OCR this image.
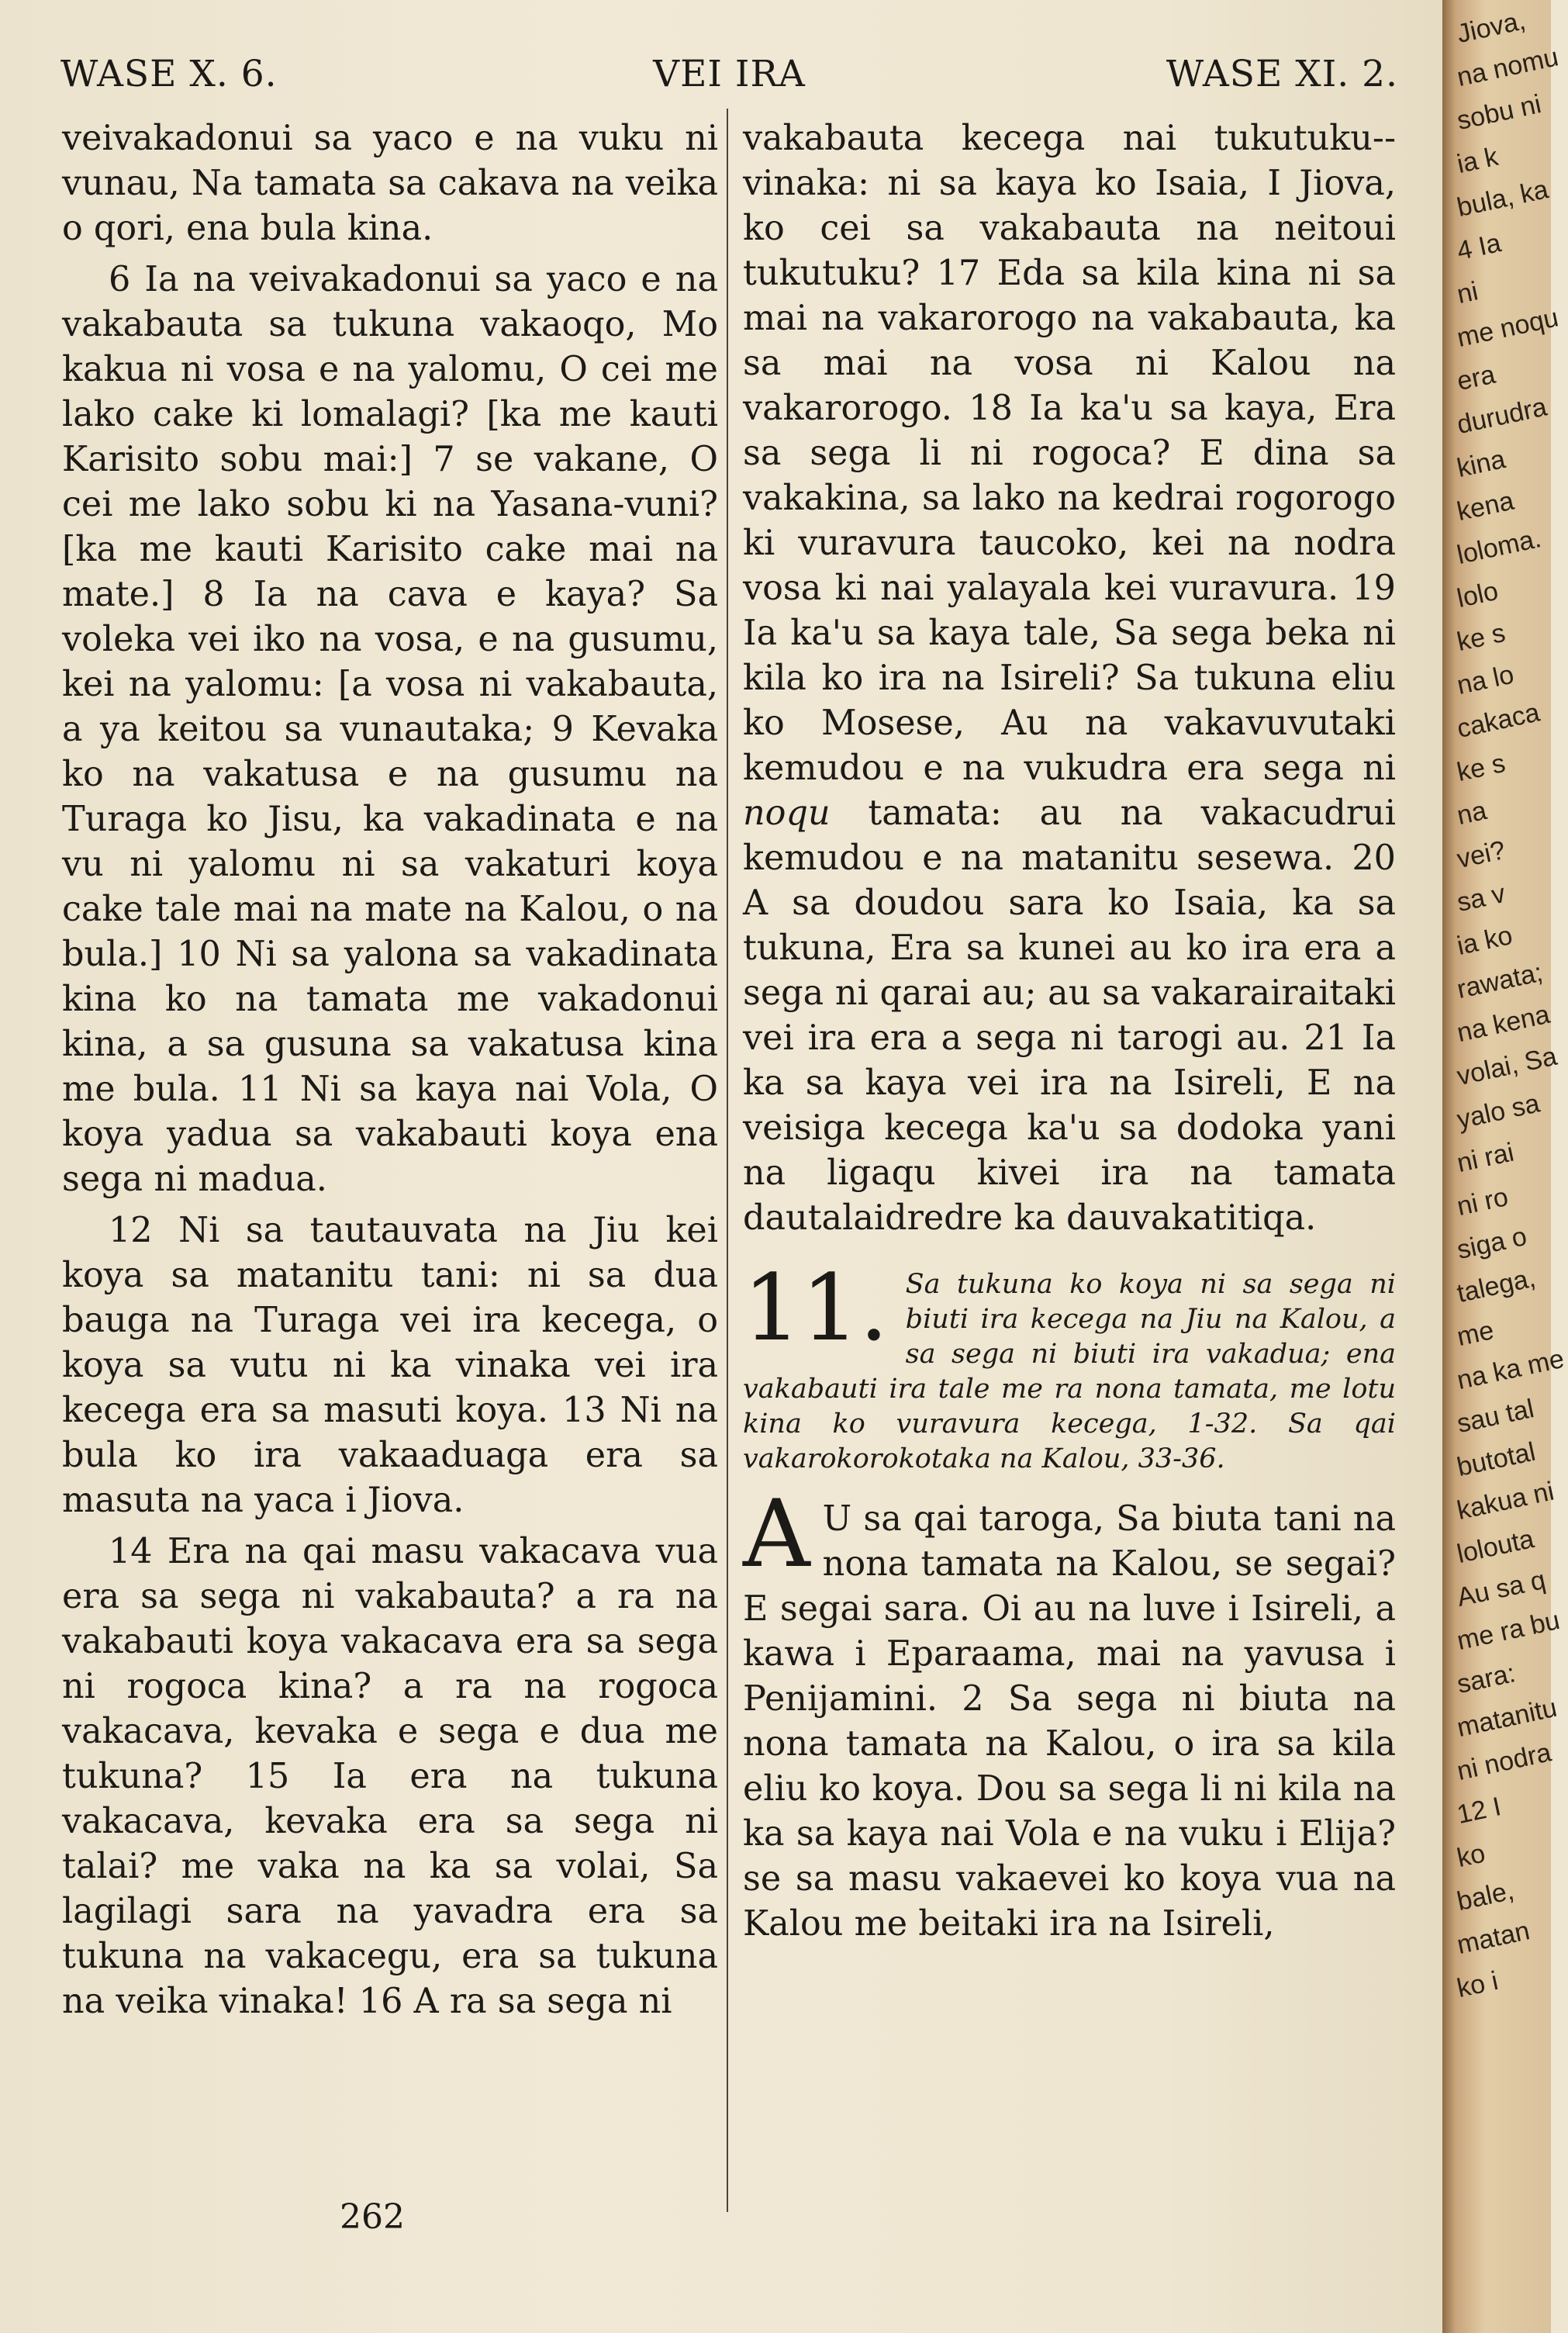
WASE X. 6.	VEI IRA	WASE XI. 2.

veivakadonui sa yaco e na vuku ni vunau, Na tamata sa cakava na veika o qori, ena bula kina.

6 Ia na veivakadonui sa yaco e na vakabauta sa tukuna vakaoqo, Mo kakua ni vosa e na yalomu, O cei me lako cake ki lomalagi? [ka me kauti Karisito sobu mai:] 7 se vakane, O cei me lako sobu ki na Yasana-vuni? [ka me kauti Karisito cake mai na mate.] 8 Ia na cava e kaya? Sa voleka vei iko na vosa, e na gusumu, kei na yalomu: [a vosa ni vakabauta, a ya keitou sa vunautaka; 9 Kevaka ko na vakatusa e na gusumu na Turaga ko Jisu, ka vakadinata e na vu ni yalomu ni sa vakaturi koya cake tale mai na mate na Kalou, o na bula.] 10 Ni sa yalona sa vakadinata kina ko na tamata me vakadonui kina, a sa gusuna sa vakatusa kina me bula. 11 Ni sa kaya nai Vola, O koya yadua sa vakabauti koya ena sega ni madua.

12 Ni sa tautauvata na Jiu kei koya sa matanitu tani: ni sa dua bauga na Turaga vei ira kecega, o koya sa vutu ni ka vinaka vei ira kecega era sa masuti koya. 13 Ni na bula ko ira vakaaduaga era sa masuta na yaca i Jiova.

14 Era na qai masu vakacava vua era sa sega ni vakabauta? a ra na vakabauti koya vakacava era sa sega ni rogoca kina? a ra na rogoca vakacava, kevaka e sega e dua me tukuna? 15 Ia era na tukuna vakacava, kevaka era sa sega ni talai? me vaka na ka sa volai, Sa lagilagi sara na yavadra era sa tukuna na vakacegu, era sa tukuna na veika vinaka! 16 A ra sa sega ni

vakabauta kecega nai tukutuku--vinaka: ni sa kaya ko Isaia, I Jiova, ko cei sa vakabauta na neitoui tukutuku? 17 Eda sa kila kina ni sa mai na vakarorogo na vakabauta, ka sa mai na vosa ni Kalou na vakarorogo. 18 Ia ka'u sa kaya, Era sa sega li ni rogoca? E dina sa vakakina, sa lako na kedrai rogorogo ki vuravura taucoko, kei na nodra vosa ki nai yalayala kei vuravura. 19 Ia ka'u sa kaya tale, Sa sega beka ni kila ko ira na Isireli? Sa tukuna eliu ko Mosese, Au na vakavuvutaki kemudou e na vukudra era sega ni noqu tamata: au na vakacudrui kemudou e na matanitu sesewa. 20 A sa doudou sara ko Isaia, ka sa tukuna, Era sa kunei au ko ira era a sega ni qarai au; au sa vakarairaitaki vei ira era a sega ni tarogi au. 21 Ia ka sa kaya vei ira na Isireli, E na veisiga kecega ka'u sa dodoka yani na ligaqu kivei ira na tamata dautalaidredre ka dauvakatitiqa.

11. Sa tukuna ko koya ni sa sega ni biuti ira kecega na Jiu na Kalou, a sa sega ni biuti ira vakadua; ena vakabauti ira tale me ra nona tamata, me lotu kina ko vuravura kecega, 1-32. Sa qai vakarokorokotaka na Kalou, 33-36.

A U sa qai taroga, Sa biuta tani na nona tamata na Kalou, se segai? E segai sara. Oi au na luve i Isireli, a kawa i Eparaama, mai na yavusa i Penijamini. 2 Sa sega ni biuta na nona tamata na Kalou, o ira sa kila eliu ko koya. Dou sa sega li ni kila na ka sa kaya nai Vola e na vuku i Elija? se sa masu vakaevei ko koya vua na Kalou me beitaki ira na Isireli,

262
Jiova,
na nomu
sobu ni
ia k
bula, ka
4 Ia
ni
me noqu
era
durudra
kina
kena
loloma.
lolo
ke s
na lo
cakaca
ke s
na
vei?
sa v
ia ko
rawata;
na kena
volai, Sa
yalo sa
ni rai
ni ro
siga o
talega,
me
na ka me
sau tal
butotal
kakua ni
lolouta
Au sa q
me ra bu
sara:
matanitu
ni nodra
12 I
ko
bale,
matan
ko i
